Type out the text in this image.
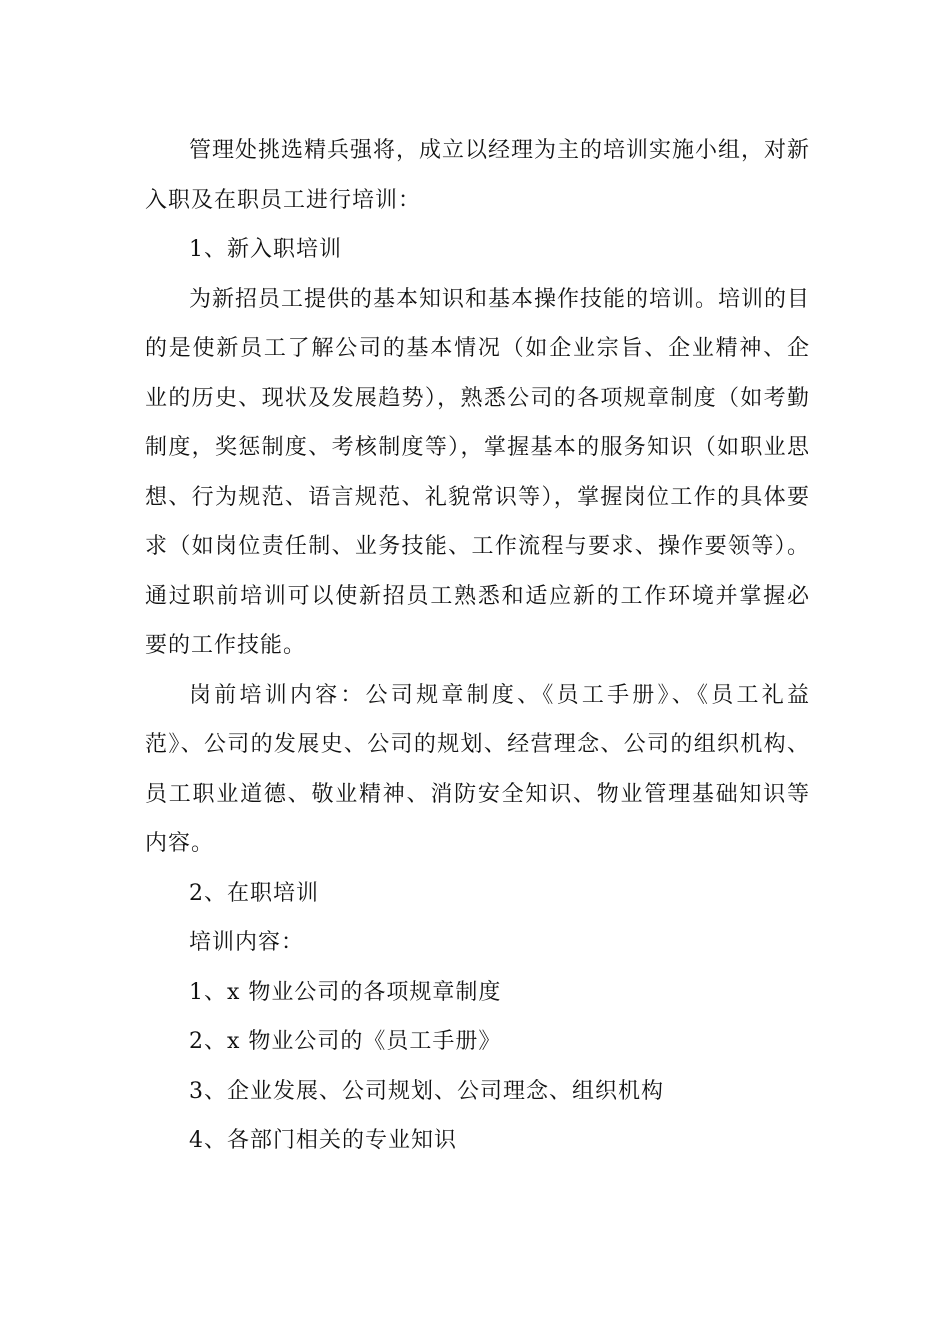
管理处挑选精兵强将，成立以经理为主的培训实施小组，对新入职及在职员工进行培训：

1、新入职培训

为新招员工提供的基本知识和基本操作技能的培训。培训的目的是使新员工了解公司的基本情况（如企业宗旨、企业精神、企业的历史、现状及发展趋势），熟悉公司的各项规章制度（如考勤制度，奖惩制度、考核制度等），掌握基本的服务知识（如职业思想、行为规范、语言规范、礼貌常识等），掌握岗位工作的具体要求（如岗位责任制、业务技能、工作流程与要求、操作要领等）。通过职前培训可以使新招员工熟悉和适应新的工作环境并掌握必要的工作技能。

岗前培训内容：公司规章制度、《员工手册》、《员工礼益范》、公司的发展史、公司的规划、经营理念、公司的组织机构、员工职业道德、敬业精神、消防安全知识、物业管理基础知识等内容。

2、在职培训

培训内容：

1、x 物业公司的各项规章制度

2、x 物业公司的《员工手册》

3、企业发展、公司规划、公司理念、组织机构

4、各部门相关的专业知识
